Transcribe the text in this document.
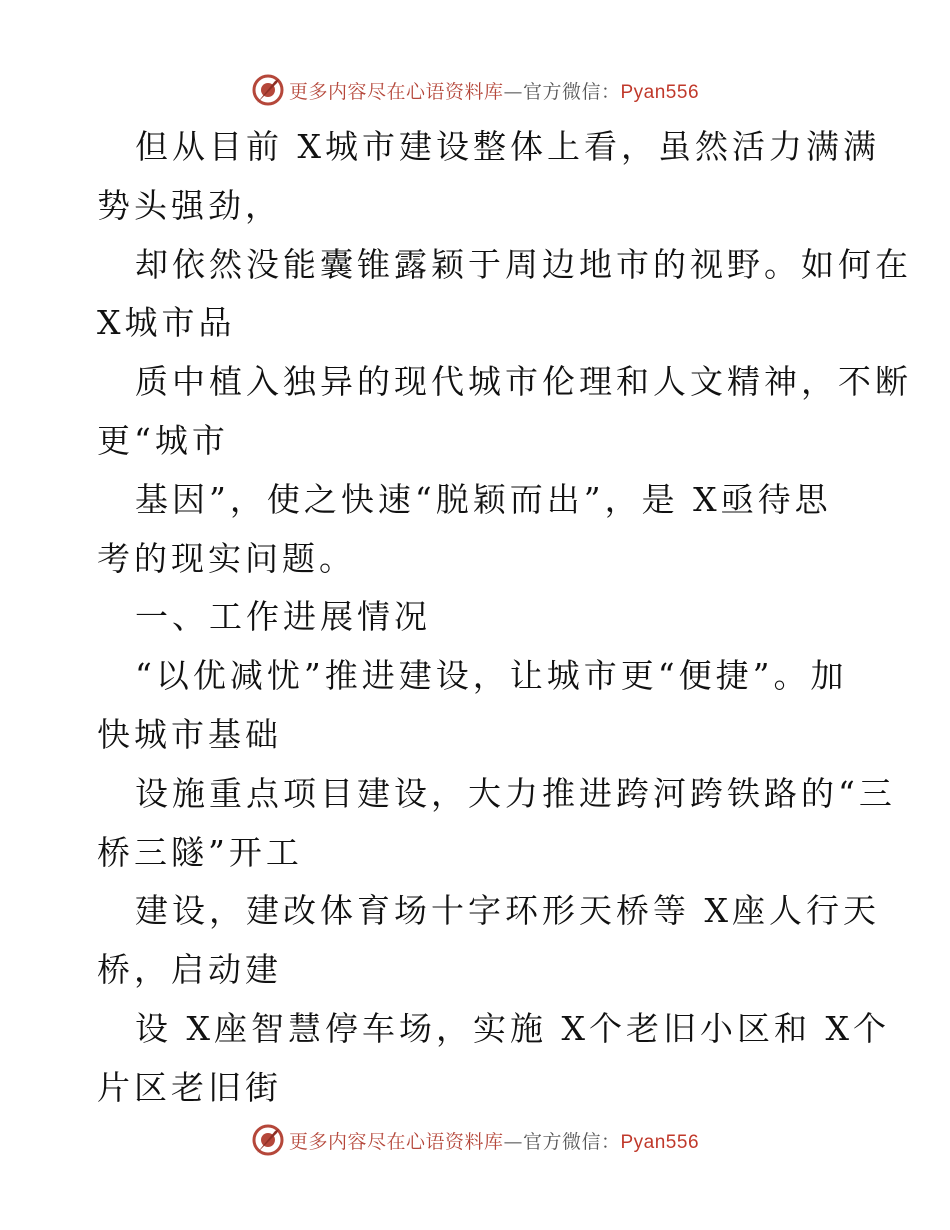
更多内容尽在心语资料库—官方微信：Pyan556
但从目前 X城市建设整体上看，虽然活力满满
势头强劲，
却依然没能囊锥露颖于周边地市的视野。如何在
X城市品
质中植入独异的现代城市伦理和人文精神，不断
更“城市
基因”，使之快速“脱颖而出”，是 X亟待思
考的现实问题。
一、工作进展情况
“以优减忧”推进建设，让城市更“便捷”。加
快城市基础
设施重点项目建设，大力推进跨河跨铁路的“三
桥三隧”开工
建设，建改体育场十字环形天桥等 X座人行天
桥，启动建
设 X座智慧停车场，实施 X个老旧小区和 X个
片区老旧街
更多内容尽在心语资料库—官方微信：Pyan556
